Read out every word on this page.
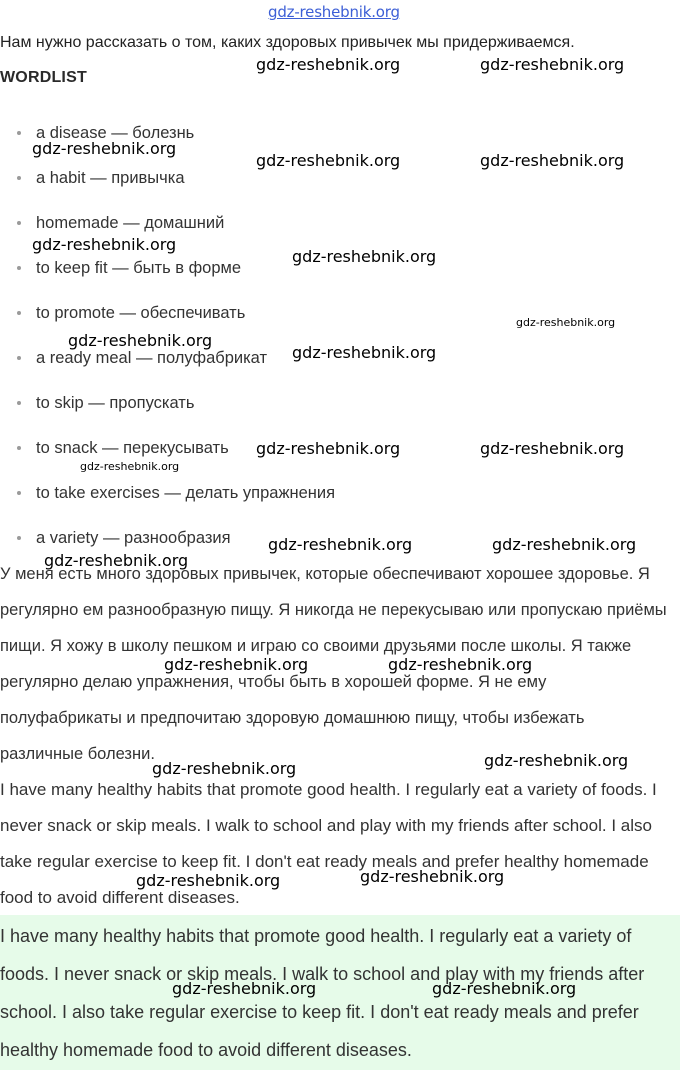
gdz-reshebnik.org
Нам нужно рассказать о том, каких здоровых привычек мы придерживаемся.
WORDLIST
a disease — болезнь
a habit — привычка
homemade — домашний
to keep fit — быть в форме
to promote — обеспечивать
a ready meal — полуфабрикат
to skip — пропускать
to snack — перекусывать
to take exercises — делать упражнения
a variety — разнообразия

У меня есть много здоровых привычек, которые обеспечивают хорошее здоровье. Я регулярно ем разнообразную пищу. Я никогда не перекусываю или пропускаю приёмы пищи. Я хожу в школу пешком и играю со своими друзьями после школы. Я также регулярно делаю упражнения, чтобы быть в хорошей форме. Я не ему полуфабрикаты и предпочитаю здоровую домашнюю пищу, чтобы избежать различные болезни.

I have many healthy habits that promote good health. I regularly eat a variety of foods. I never snack or skip meals. I walk to school and play with my friends after school. I also take regular exercise to keep fit. I don't eat ready meals and prefer healthy homemade food to avoid different diseases.

I have many healthy habits that promote good health. I regularly eat a variety of foods. I never snack or skip meals. I walk to school and play with my friends after school. I also take regular exercise to keep fit. I don't eat ready meals and prefer healthy homemade food to avoid different diseases.

gdz-reshebnik.org	gdz-reshebnik.org
gdz-reshebnik.org
gdz-reshebnik.org	gdz-reshebnik.org
gdz-reshebnik.org
gdz-reshebnik.org
gdz-reshebnik.org
gdz-reshebnik.org
gdz-reshebnik.org
gdz-reshebnik.org	gdz-reshebnik.org
gdz-reshebnik.org
gdz-reshebnik.org	gdz-reshebnik.org
gdz-reshebnik.org
gdz-reshebnik.org	gdz-reshebnik.org
gdz-reshebnik.org
gdz-reshebnik.org
gdz-reshebnik.org
gdz-reshebnik.org
gdz-reshebnik.org	gdz-reshebnik.org
